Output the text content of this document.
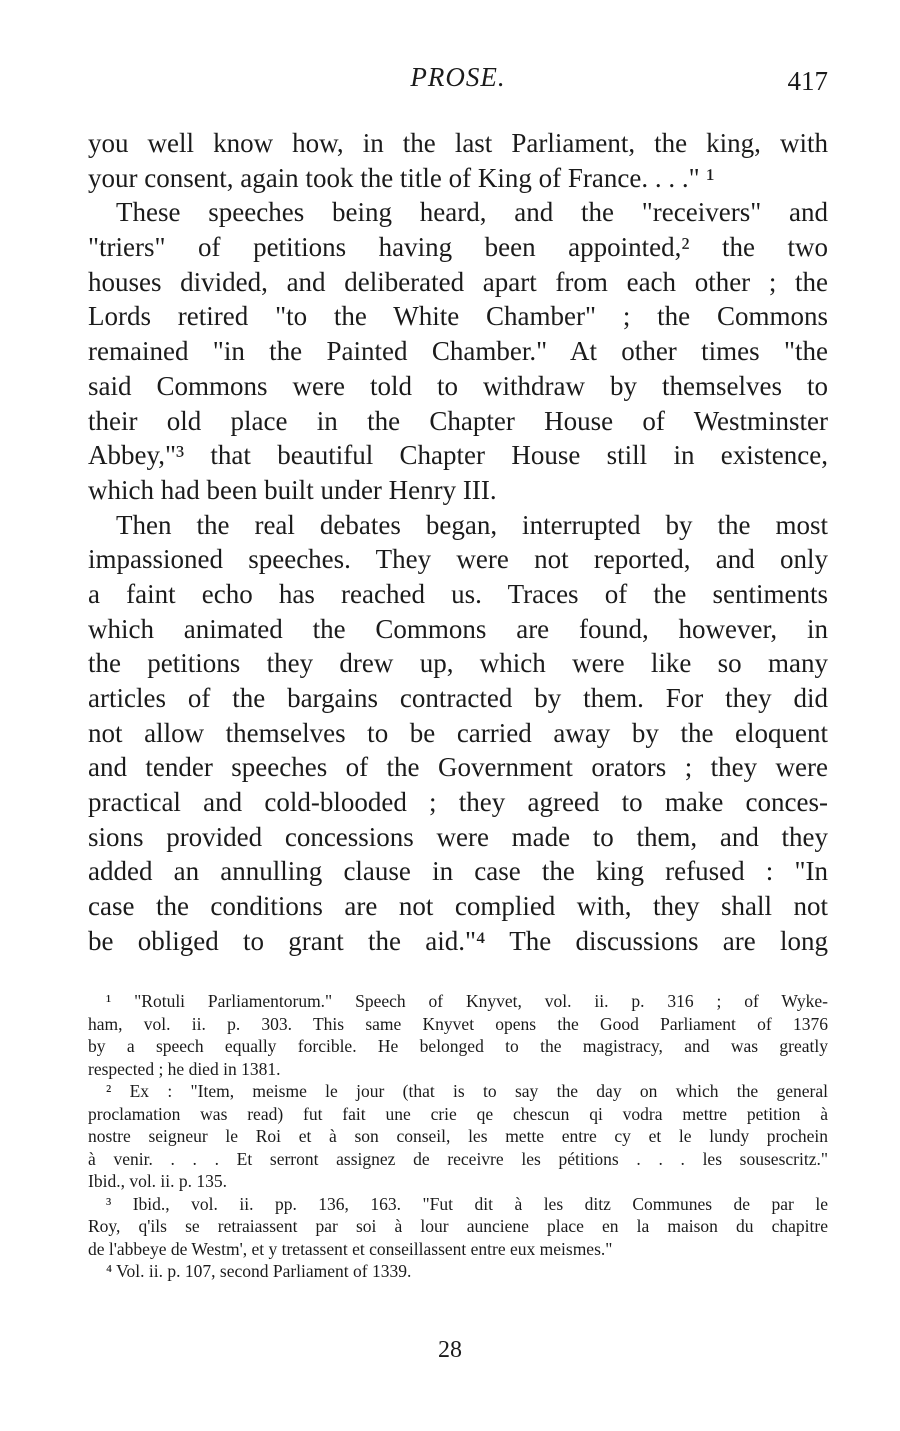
PROSE.	417
you well know how, in the last Parliament, the king, with
your consent, again took the title of King of France. . . ." ¹
These speeches being heard, and the "receivers" and
"triers" of petitions having been appointed,² the two
houses divided, and deliberated apart from each other ; the
Lords retired "to the White Chamber" ; the Commons
remained "in the Painted Chamber." At other times "the
said Commons were told to withdraw by themselves to
their old place in the Chapter House of Westminster
Abbey,"³ that beautiful Chapter House still in existence,
which had been built under Henry III.
Then the real debates began, interrupted by the most
impassioned speeches. They were not reported, and only
a faint echo has reached us. Traces of the sentiments
which animated the Commons are found, however, in
the petitions they drew up, which were like so many
articles of the bargains contracted by them. For they did
not allow themselves to be carried away by the eloquent
and tender speeches of the Government orators ; they were
practical and cold-blooded ; they agreed to make conces-
sions provided concessions were made to them, and they
added an annulling clause in case the king refused : "In
case the conditions are not complied with, they shall not
be obliged to grant the aid."⁴ The discussions are long
¹ "Rotuli Parliamentorum." Speech of Knyvet, vol. ii. p. 316 ; of Wyke-
ham, vol. ii. p. 303. This same Knyvet opens the Good Parliament of 1376
by a speech equally forcible. He belonged to the magistracy, and was greatly
respected ; he died in 1381.
² Ex : "Item, meisme le jour (that is to say the day on which the general
proclamation was read) fut fait une crie qe chescun qi vodra mettre petition à
nostre seigneur le Roi et à son conseil, les mette entre cy et le lundy prochein
à venir. . . . Et serront assignez de receivre les pétitions . . . les sousescritz."
Ibid., vol. ii. p. 135.
³ Ibid., vol. ii. pp. 136, 163. "Fut dit à les ditz Communes de par le
Roy, q'ils se retraiassent par soi à lour aunciene place en la maison du chapitre
de l'abbeye de Westm', et y tretassent et conseillassent entre eux meismes."
⁴ Vol. ii. p. 107, second Parliament of 1339.
28
